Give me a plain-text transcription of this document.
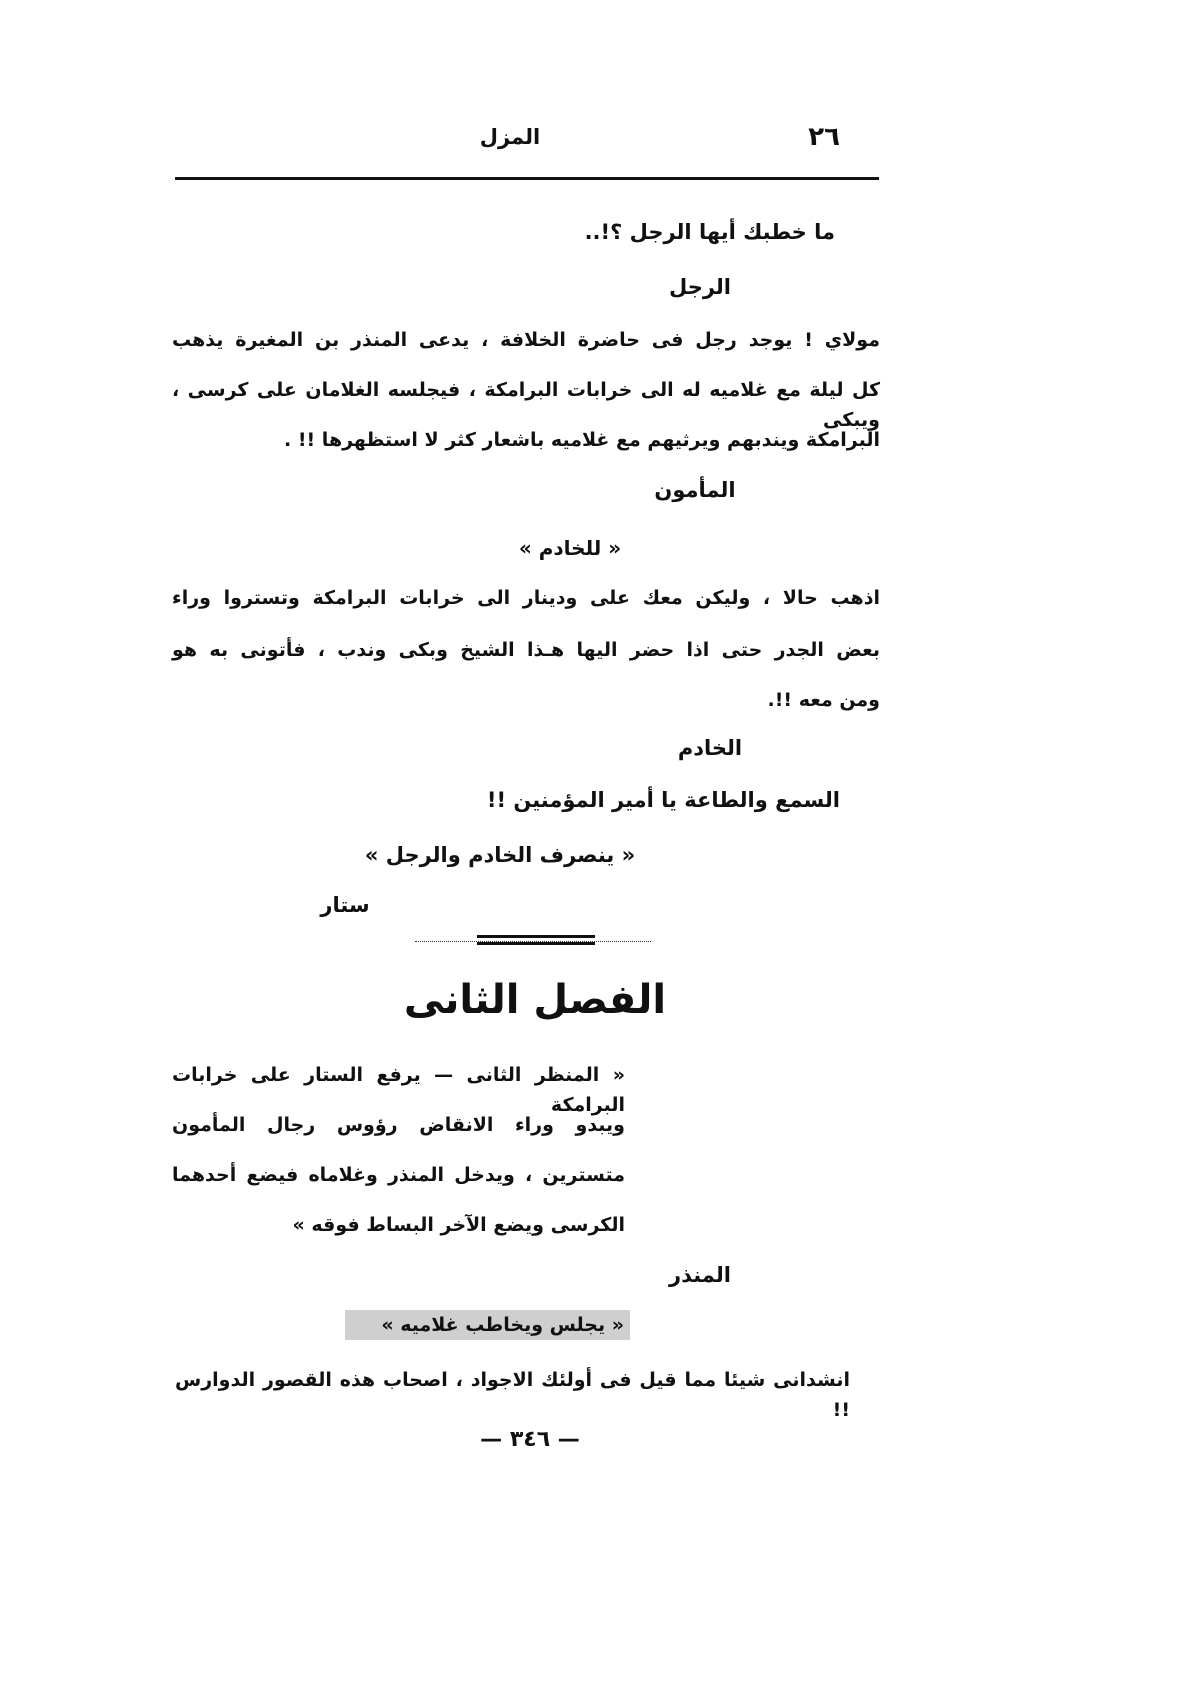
٢٦
المزل
ما خطبك أيها الرجل ؟!..
الرجل
مولاي ! يوجد رجل فى حاضرة الخلافة ، يدعى المنذر بن المغيرة يذهب
كل ليلة مع غلاميه له الى خرابات البرامكة ، فيجلسه الغلامان على كرسى ، ويبكى
البرامكة ويندبهم ويرثيهم مع غلاميه باشعار كثر لا استظهرها !! .
المأمون
« للخادم »
اذهب حالا ، وليكن معك على ودينار الى خرابات البرامكة وتستروا وراء
بعض الجدر حتى اذا حضر اليها هـذا الشيخ وبكى وندب ، فأتونى به هو
ومن معه !!.
الخادم
السمع والطاعة يا أمير المؤمنين !!
« ينصرف الخادم والرجل »
ستار
الفصل الثانى
« المنظر الثانى — يرفع الستار على خرابات البرامكة
ويبدو وراء الانقاض رؤوس رجال المأمون
متسترين ، ويدخل المنذر وغلاماه فيضع أحدهما
الكرسى ويضع الآخر البساط فوقه »
المنذر
« يجلس ويخاطب غلاميه »
انشدانى شيئا مما قيل فى أولئك الاجواد ، اصحاب هذه القصور الدوارس !!
— ٣٤٦ —
